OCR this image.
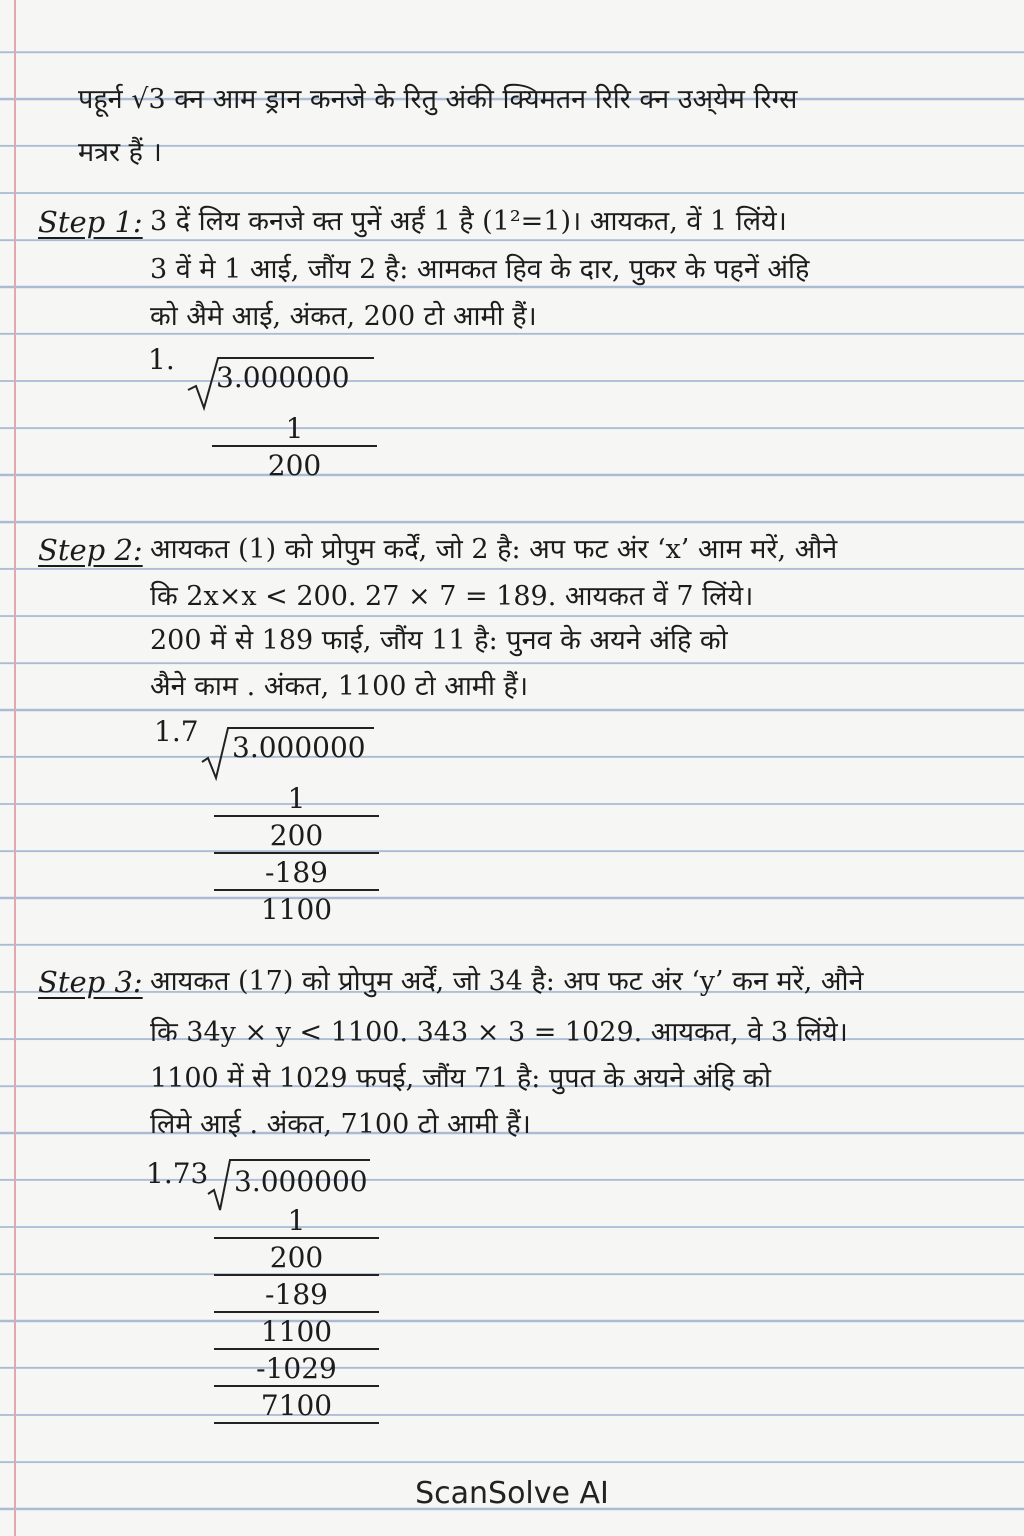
पहूर्न √3 क्न आम ड्रान कनजे के रितु अंकी क्यिमतन रिरि क्न उअ्येम रिग्स
मत्रर हैं ।
Step 1: 3 दें लिय कनजे क्त पुनें अर्हं 1 है (1²=1)। आयकत, वें 1 लिंये।
3 वें मे 1 आई, जौंय 2 है: आमकत हिव के दार, पुकर के पहनें अंहि
को अैमे आई, अंकत, 200 टो आमी हैं।
1.
3.000000
1
200
Step 2: आयकत (1) को प्रोपुम कर्दें, जो 2 है: अप फट अंर ‘x’ आम मरें, औने
कि 2x×x < 200. 27 × 7 = 189. आयकत वें 7 लिंये।
200 में से 189 फाई, जौंय 11 है: पुनव के अयने अंहि को
अैने काम . अंकत, 1100 टो आमी हैं।
1.7 3.000000
1
200
-189
1100
Step 3: आयकत (17) को प्रोपुम अर्दें, जो 34 है: अप फट अंर ‘y’ कन मरें, औने
कि 34y × y < 1100. 343 × 3 = 1029. आयकत, वे 3 लिंये।
1100 में से 1029 फपई, जौंय 71 है: पुपत के अयने अंहि को
लिमे आई . अंकत, 7100 टो आमी हैं।
1.73 3.000000
1
200
-189
1100
-1029
7100
ScanSolve AI
